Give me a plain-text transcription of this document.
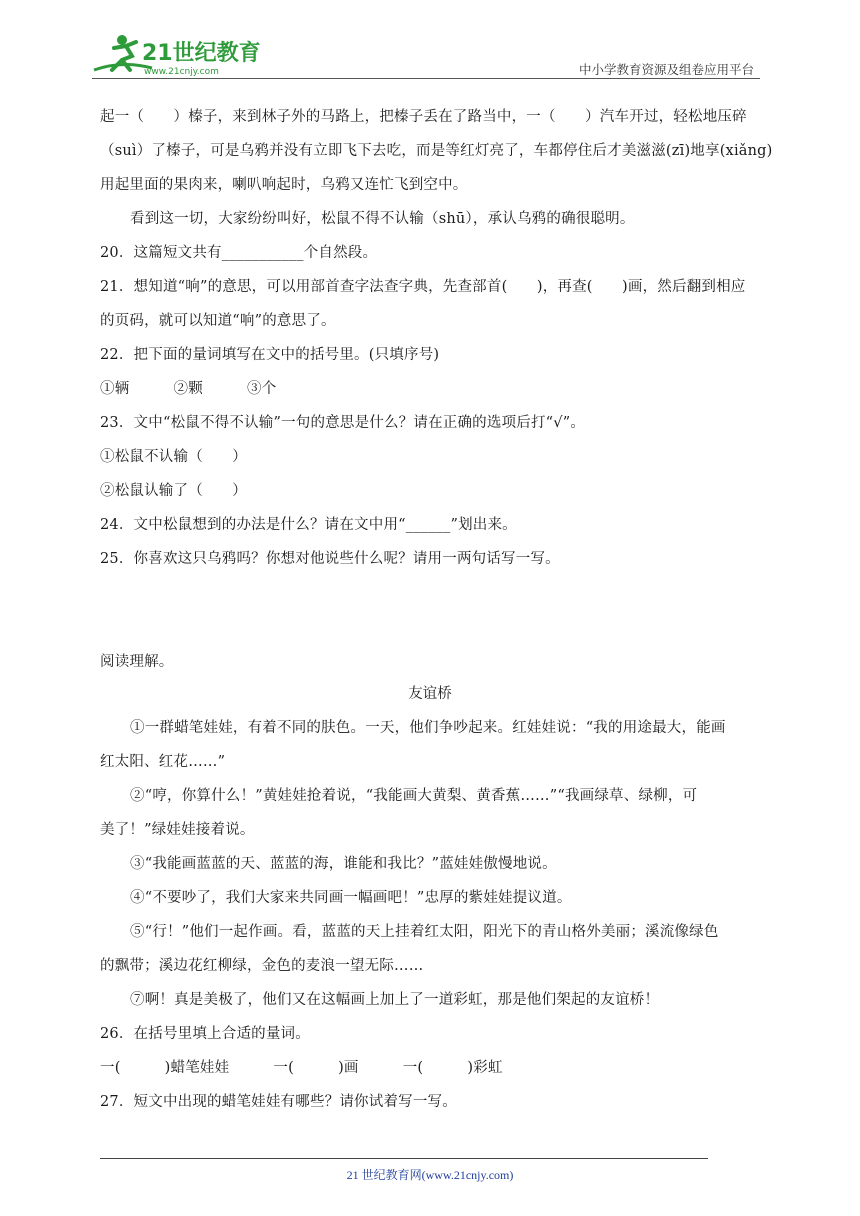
21世纪教育
www.21cnjy.com	中小学教育资源及组卷应用平台
起一（　　）榛子，来到林子外的马路上，把榛子丢在了路当中，一（　　）汽车开过，轻松地压碎
（suì）了榛子，可是乌鸦并没有立即飞下去吃，而是等红灯亮了，车都停住后才美滋滋(zī)地享(xiǎng)
用起里面的果肉来，喇叭响起时，乌鸦又连忙飞到空中。
看到这一切，大家纷纷叫好，松鼠不得不认输（shū），承认乌鸦的确很聪明。
20．这篇短文共有___________个自然段。
21．想知道“响”的意思，可以用部首查字法查字典，先查部首(　　)，再查(　　)画，然后翻到相应
的页码，就可以知道“响”的意思了。
22．把下面的量词填写在文中的括号里。(只填序号)
①辆　　　②颗　　　③个
23．文中“松鼠不得不认输”一句的意思是什么？请在正确的选项后打“√”。
①松鼠不认输（　　）
②松鼠认输了（　　）
24．文中松鼠想到的办法是什么？请在文中用“______”划出来。
25．你喜欢这只乌鸦吗？你想对他说些什么呢？请用一两句话写一写。
阅读理解。
友谊桥
①一群蜡笔娃娃，有着不同的肤色。一天，他们争吵起来。红娃娃说：“我的用途最大，能画
红太阳、红花……”
②“哼，你算什么！”黄娃娃抢着说，“我能画大黄梨、黄香蕉……”“我画绿草、绿柳，可
美了！”绿娃娃接着说。
③“我能画蓝蓝的天、蓝蓝的海，谁能和我比？”蓝娃娃傲慢地说。
④“不要吵了，我们大家来共同画一幅画吧！”忠厚的紫娃娃提议道。
⑤“行！”他们一起作画。看，蓝蓝的天上挂着红太阳，阳光下的青山格外美丽；溪流像绿色
的飘带；溪边花红柳绿，金色的麦浪一望无际……
⑦啊！真是美极了，他们又在这幅画上加上了一道彩虹，那是他们架起的友谊桥！
26．在括号里填上合适的量词。
一(　　　)蜡笔娃娃　　　一(　　　)画　　　一(　　　)彩虹
27．短文中出现的蜡笔娃娃有哪些？请你试着写一写。
21 世纪教育网(www.21cnjy.com)
